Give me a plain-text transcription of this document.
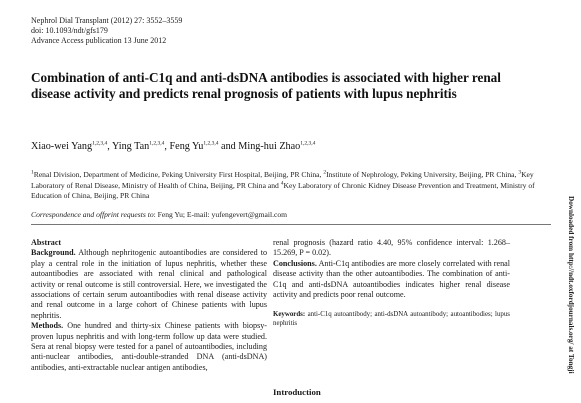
Nephrol Dial Transplant (2012) 27: 3552–3559
doi: 10.1093/ndt/gfs179
Advance Access publication 13 June 2012
Combination of anti-C1q and anti-dsDNA antibodies is associated with higher renal disease activity and predicts renal prognosis of patients with lupus nephritis
Xiao-wei Yang$^{1,2,3,4}$, Ying Tan$^{1,2,3,4}$, Feng Yu$^{1,2,3,4}$ and Ming-hui Zhao$^{1,2,3,4}$
$^1$Renal Division, Department of Medicine, Peking University First Hospital, Beijing, PR China, $^2$Institute of Nephrology, Peking University, Beijing, PR China, $^3$Key Laboratory of Renal Disease, Ministry of Health of China, Beijing, PR China and $^4$Key Laboratory of Chronic Kidney Disease Prevention and Treatment, Ministry of Education of China, Beijing, PR China
Correspondence and offprint requests to: Feng Yu; E-mail: yufengevert@gmail.com
Abstract

Background. Although nephritogenic autoantibodies are considered to play a central role in the initiation of lupus nephritis, whether these autoantibodies are associated with renal clinical and pathological activity or renal outcome is still controversial. Here, we investigated the associations of certain serum autoantibodies with renal disease activity and renal outcome in a large cohort of Chinese patients with lupus nephritis.

Methods. One hundred and thirty-six Chinese patients with biopsy-proven lupus nephritis and with long-term follow up data were studied. Sera at renal biopsy were tested for a panel of autoantibodies, including anti-nuclear antibodies, anti-double-stranded DNA (anti-dsDNA) antibodies, anti-extractable nuclear antigen antibodies,

renal prognosis (hazard ratio 4.40, 95% confidence interval: 1.268–15.269, P = 0.02).

Conclusions. Anti-C1q antibodies are more closely correlated with renal disease activity than the other autoantibodies. The combination of anti-C1q and anti-dsDNA autoantibodies indicates higher renal disease activity and predicts poor renal outcome.

Keywords: anti-C1q autoantibody; anti-dsDNA autoantibody; autoantibodies; lupus nephritis

Introduction
Downloaded from http://ndt.oxfordjournals.org/ at Tongji
